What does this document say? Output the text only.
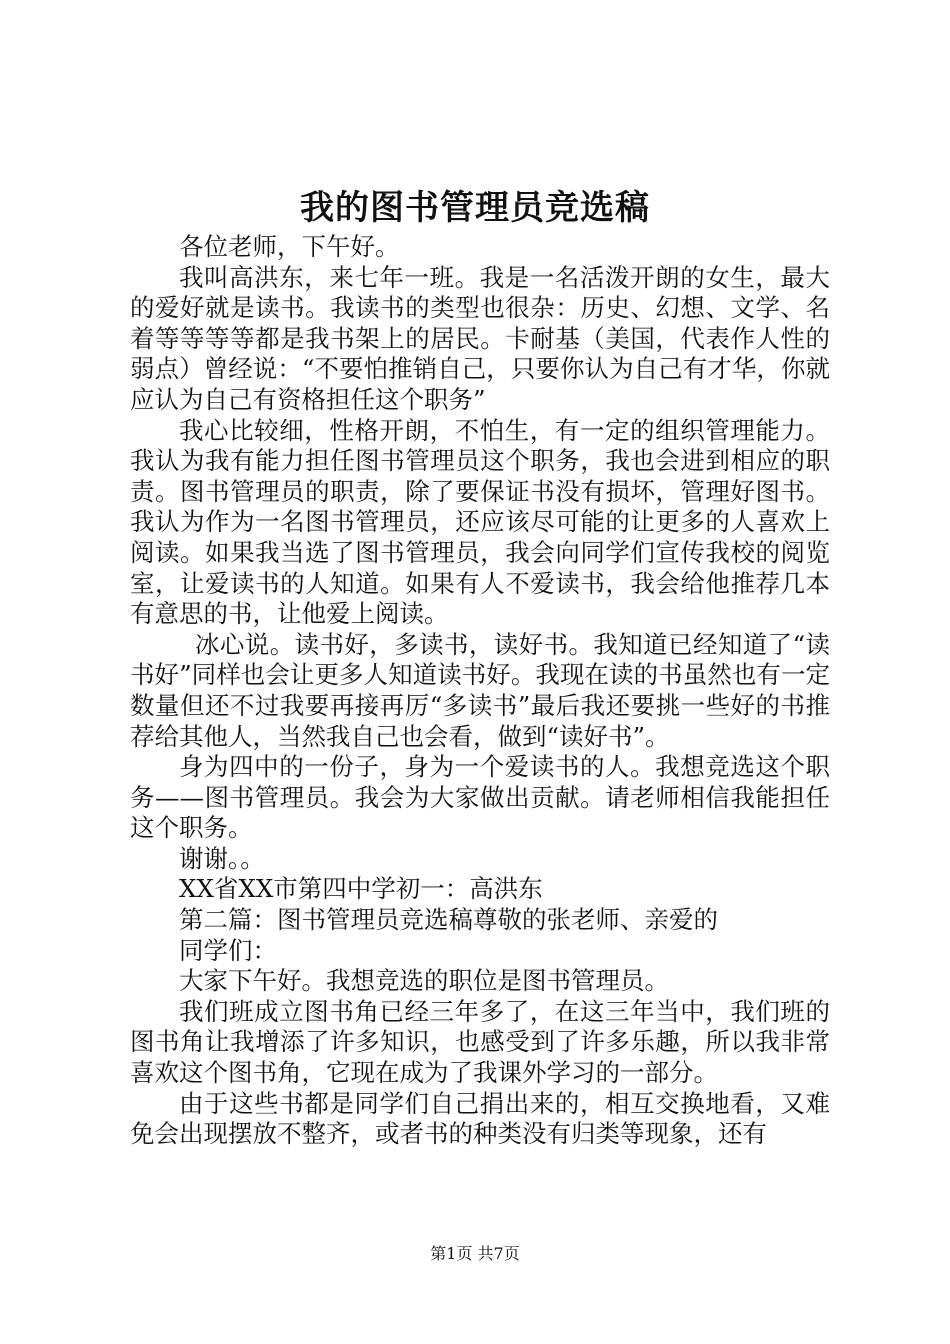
我的图书管理员竞选稿

各位老师，下午好。

我叫高洪东，来七年一班。我是一名活泼开朗的女生，最大的爱好就是读书。我读书的类型也很杂：历史、幻想、文学、名着等等等等都是我书架上的居民。卡耐基（美国，代表作人性的弱点）曾经说：“不要怕推销自己，只要你认为自己有才华，你就应认为自己有资格担任这个职务”

我心比较细，性格开朗，不怕生，有一定的组织管理能力。我认为我有能力担任图书管理员这个职务，我也会进到相应的职责。图书管理员的职责，除了要保证书没有损坏，管理好图书。我认为作为一名图书管理员，还应该尽可能的让更多的人喜欢上阅读。如果我当选了图书管理员，我会向同学们宣传我校的阅览室，让爱读书的人知道。如果有人不爱读书，我会给他推荐几本有意思的书，让他爱上阅读。

冰心说。读书好，多读书，读好书。我知道已经知道了“读书好”同样也会让更多人知道读书好。我现在读的书虽然也有一定数量但还不过我要再接再厉“多读书”最后我还要挑一些好的书推荐给其他人，当然我自己也会看，做到“读好书”。

身为四中的一份子，身为一个爱读书的人。我想竞选这个职务——图书管理员。我会为大家做出贡献。请老师相信我能担任这个职务。

谢谢。。

XX省XX市第四中学初一：高洪东

第二篇：图书管理员竞选稿尊敬的张老师、亲爱的

同学们：

大家下午好。我想竞选的职位是图书管理员。

我们班成立图书角已经三年多了，在这三年当中，我们班的图书角让我增添了许多知识，也感受到了许多乐趣，所以我非常喜欢这个图书角，它现在成为了我课外学习的一部分。

由于这些书都是同学们自己捐出来的，相互交换地看，又难免会出现摆放不整齐，或者书的种类没有归类等现象，还有

第1页 共7页
